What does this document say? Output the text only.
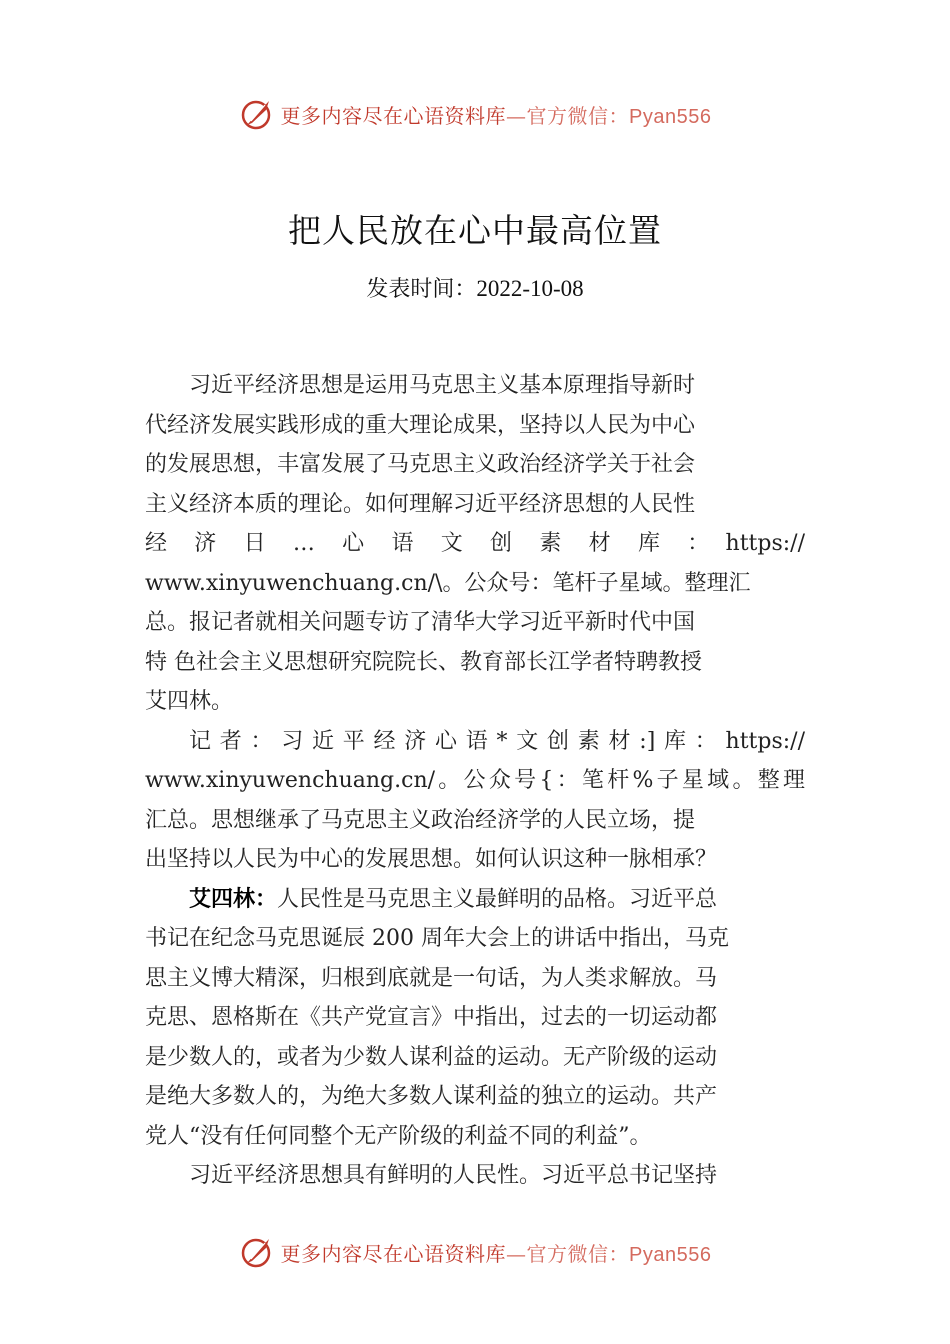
更多内容尽在心语资料库—官方微信：Pyan556
把人民放在心中最高位置
发表时间：2022-10-08

习近平经济思想是运用马克思主义基本原理指导新时

代经济发展实践形成的重大理论成果，坚持以人民为中心

的发展思想，丰富发展了马克思主义政治经济学关于社会

主义经济本质的理论。如何理解习近平经济思想的人民性

经　济　日　…　心　语　文　创　素　材　库　：　https://

www.xinyuwenchuang.cn/\。公众号：笔杆子星域。整理汇

总。报记者就相关问题专访了清华大学习近平新时代中国

特 色社会主义思想研究院院长、教育部长江学者特聘教授

艾四林。

记者：习近平经济心语*文创素材:]库：https://

www.xinyuwenchuang.cn/。公众号{：笔杆%子星域。整理

汇总。思想继承了马克思主义政治经济学的人民立场，提

出坚持以人民为中心的发展思想。如何认识这种一脉相承？

艾四林：人民性是马克思主义最鲜明的品格。习近平总

书记在纪念马克思诞辰 200 周年大会上的讲话中指出，马克

思主义博大精深，归根到底就是一句话，为人类求解放。马

克思、恩格斯在《共产党宣言》中指出，过去的一切运动都

是少数人的，或者为少数人谋利益的运动。无产阶级的运动

是绝大多数人的，为绝大多数人谋利益的独立的运动。共产

党人“没有任何同整个无产阶级的利益不同的利益”。

习近平经济思想具有鲜明的人民性。习近平总书记坚持

更多内容尽在心语资料库—官方微信：Pyan556
